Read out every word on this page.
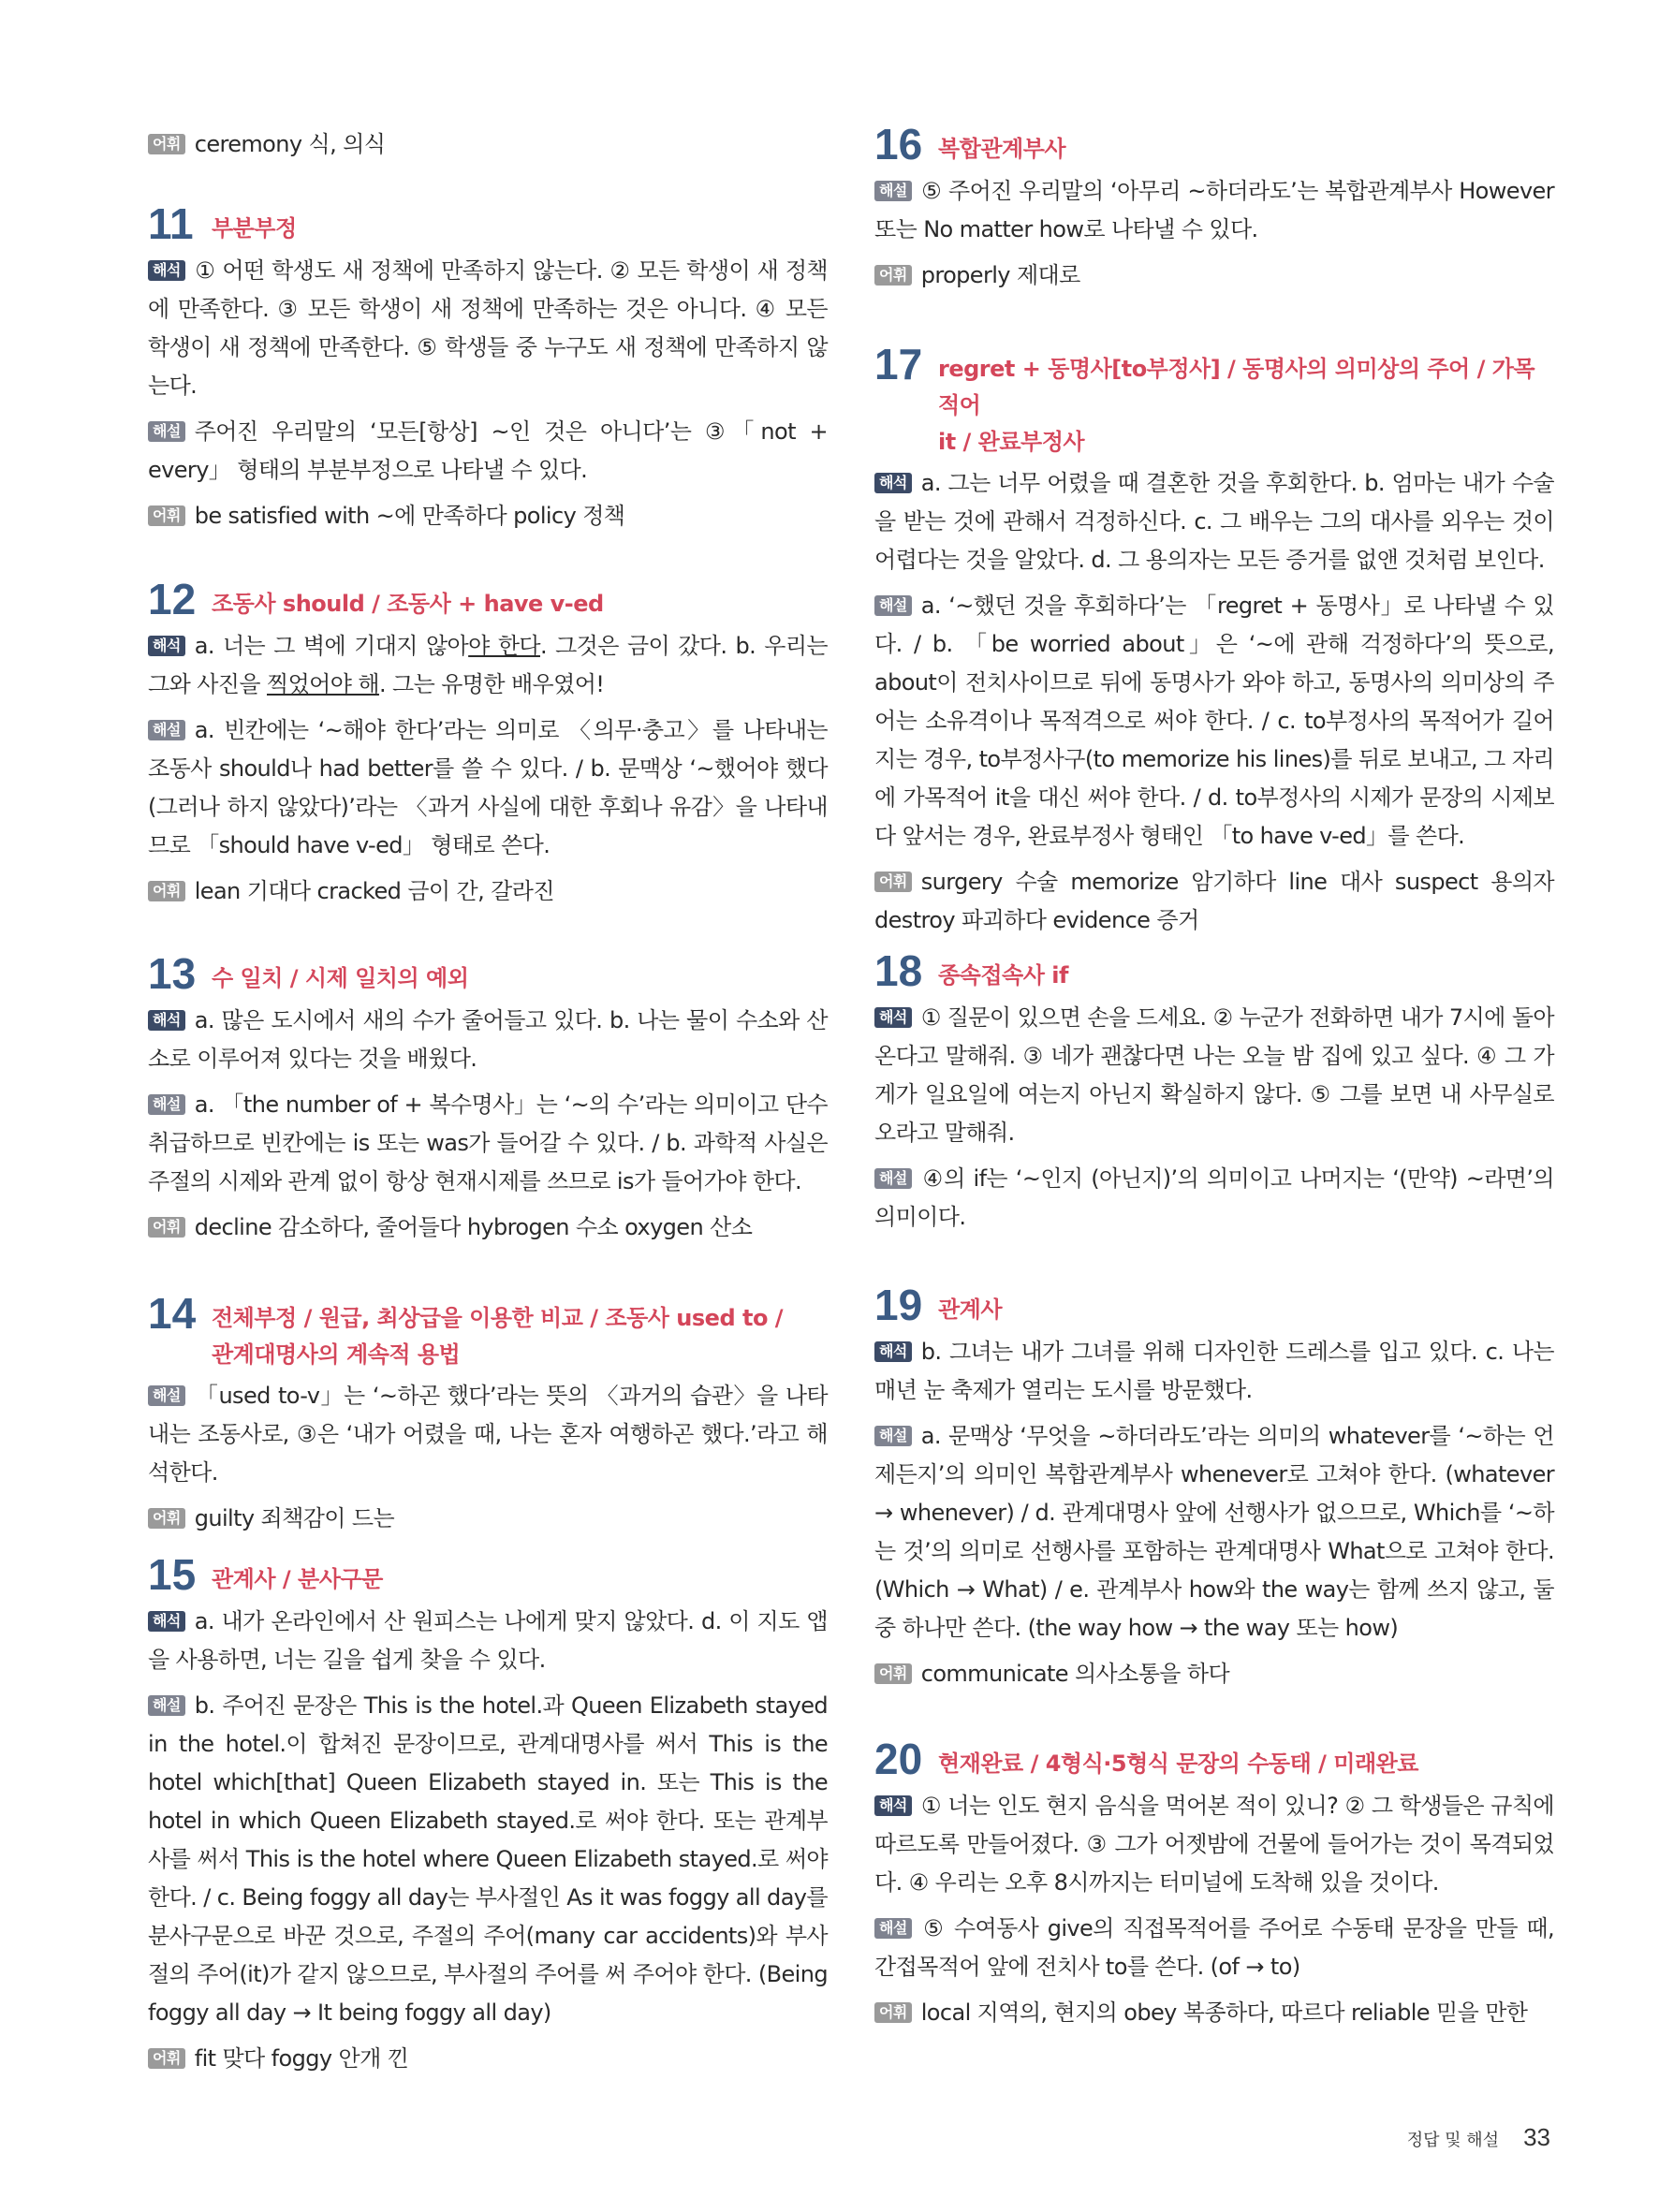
어휘 ceremony 식, 의식

11 부분부정

해석 ① 어떤 학생도 새 정책에 만족하지 않는다. ② 모든 학생이 새 정책에 만족한다. ③ 모든 학생이 새 정책에 만족하는 것은 아니다. ④ 모든 학생이 새 정책에 만족한다. ⑤ 학생들 중 누구도 새 정책에 만족하지 않는다.

해설 주어진 우리말의 ‘모든[항상] ~인 것은 아니다’는 ③「not + every」 형태의 부분부정으로 나타낼 수 있다.

어휘 be satisfied with ~에 만족하다 policy 정책

12 조동사 should / 조동사 + have v-ed

해석 a. 너는 그 벽에 기대지 않아야 한다. 그것은 금이 갔다. b. 우리는 그와 사진을 찍었어야 해. 그는 유명한 배우였어!

해설 a. 빈칸에는 ‘~해야 한다’라는 의미로 〈의무·충고〉를 나타내는 조동사 should나 had better를 쓸 수 있다. / b. 문맥상 ‘~했어야 했다(그러나 하지 않았다)’라는 〈과거 사실에 대한 후회나 유감〉을 나타내므로 「should have v-ed」 형태로 쓴다.

어휘 lean 기대다 cracked 금이 간, 갈라진

13 수 일치 / 시제 일치의 예외

해석 a. 많은 도시에서 새의 수가 줄어들고 있다. b. 나는 물이 수소와 산소로 이루어져 있다는 것을 배웠다.

해설 a. 「the number of + 복수명사」는 ‘~의 수’라는 의미이고 단수 취급하므로 빈칸에는 is 또는 was가 들어갈 수 있다. / b. 과학적 사실은 주절의 시제와 관계 없이 항상 현재시제를 쓰므로 is가 들어가야 한다.

어휘 decline 감소하다, 줄어들다 hybrogen 수소 oxygen 산소

14 전체부정 / 원급, 최상급을 이용한 비교 / 조동사 used to /
관계대명사의 계속적 용법

해설 「used to-v」는 ‘~하곤 했다’라는 뜻의 〈과거의 습관〉을 나타내는 조동사로, ③은 ‘내가 어렸을 때, 나는 혼자 여행하곤 했다.’라고 해석한다.

어휘 guilty 죄책감이 드는

15 관계사 / 분사구문

해석 a. 내가 온라인에서 산 원피스는 나에게 맞지 않았다. d. 이 지도 앱을 사용하면, 너는 길을 쉽게 찾을 수 있다.

해설 b. 주어진 문장은 This is the hotel.과 Queen Elizabeth stayed in the hotel.이 합쳐진 문장이므로, 관계대명사를 써서 This is the hotel which[that] Queen Elizabeth stayed in. 또는 This is the hotel in which Queen Elizabeth stayed.로 써야 한다. 또는 관계부사를 써서 This is the hotel where Queen Elizabeth stayed.로 써야 한다. / c. Being foggy all day는 부사절인 As it was foggy all day를 분사구문으로 바꾼 것으로, 주절의 주어(many car accidents)와 부사절의 주어(it)가 같지 않으므로, 부사절의 주어를 써 주어야 한다. (Being foggy all day → It being foggy all day)

어휘 fit 맞다 foggy 안개 낀

16 복합관계부사

해설 ⑤ 주어진 우리말의 ‘아무리 ~하더라도’는 복합관계부사 However 또는 No matter how로 나타낼 수 있다.

어휘 properly 제대로

17 regret + 동명사[to부정사] / 동명사의 의미상의 주어 / 가목적어
it / 완료부정사

해석 a. 그는 너무 어렸을 때 결혼한 것을 후회한다. b. 엄마는 내가 수술을 받는 것에 관해서 걱정하신다. c. 그 배우는 그의 대사를 외우는 것이 어렵다는 것을 알았다. d. 그 용의자는 모든 증거를 없앤 것처럼 보인다.

해설 a. ‘~했던 것을 후회하다’는 「regret + 동명사」로 나타낼 수 있다. / b. 「be worried about」은 ‘~에 관해 걱정하다’의 뜻으로, about이 전치사이므로 뒤에 동명사가 와야 하고, 동명사의 의미상의 주어는 소유격이나 목적격으로 써야 한다. / c. to부정사의 목적어가 길어지는 경우, to부정사구(to memorize his lines)를 뒤로 보내고, 그 자리에 가목적어 it을 대신 써야 한다. / d. to부정사의 시제가 문장의 시제보다 앞서는 경우, 완료부정사 형태인 「to have v-ed」를 쓴다.

어휘 surgery 수술 memorize 암기하다 line 대사 suspect 용의자 destroy 파괴하다 evidence 증거

18 종속접속사 if

해석 ① 질문이 있으면 손을 드세요. ② 누군가 전화하면 내가 7시에 돌아온다고 말해줘. ③ 네가 괜찮다면 나는 오늘 밤 집에 있고 싶다. ④ 그 가게가 일요일에 여는지 아닌지 확실하지 않다. ⑤ 그를 보면 내 사무실로 오라고 말해줘.

해설 ④의 if는 ‘~인지 (아닌지)’의 의미이고 나머지는 ‘(만약) ~라면’의 의미이다.

19 관계사

해석 b. 그녀는 내가 그녀를 위해 디자인한 드레스를 입고 있다. c. 나는 매년 눈 축제가 열리는 도시를 방문했다.

해설 a. 문맥상 ‘무엇을 ~하더라도’라는 의미의 whatever를 ‘~하는 언제든지’의 의미인 복합관계부사 whenever로 고쳐야 한다. (whatever → whenever) / d. 관계대명사 앞에 선행사가 없으므로, Which를 ‘~하는 것’의 의미로 선행사를 포함하는 관계대명사 What으로 고쳐야 한다. (Which → What) / e. 관계부사 how와 the way는 함께 쓰지 않고, 둘 중 하나만 쓴다. (the way how → the way 또는 how)

어휘 communicate 의사소통을 하다

20 현재완료 / 4형식·5형식 문장의 수동태 / 미래완료

해석 ① 너는 인도 현지 음식을 먹어본 적이 있니? ② 그 학생들은 규칙에 따르도록 만들어졌다. ③ 그가 어젯밤에 건물에 들어가는 것이 목격되었다. ④ 우리는 오후 8시까지는 터미널에 도착해 있을 것이다.

해설 ⑤ 수여동사 give의 직접목적어를 주어로 수동태 문장을 만들 때, 간접목적어 앞에 전치사 to를 쓴다. (of → to)

어휘 local 지역의, 현지의 obey 복종하다, 따르다 reliable 믿을 만한

정답 및 해설 33
